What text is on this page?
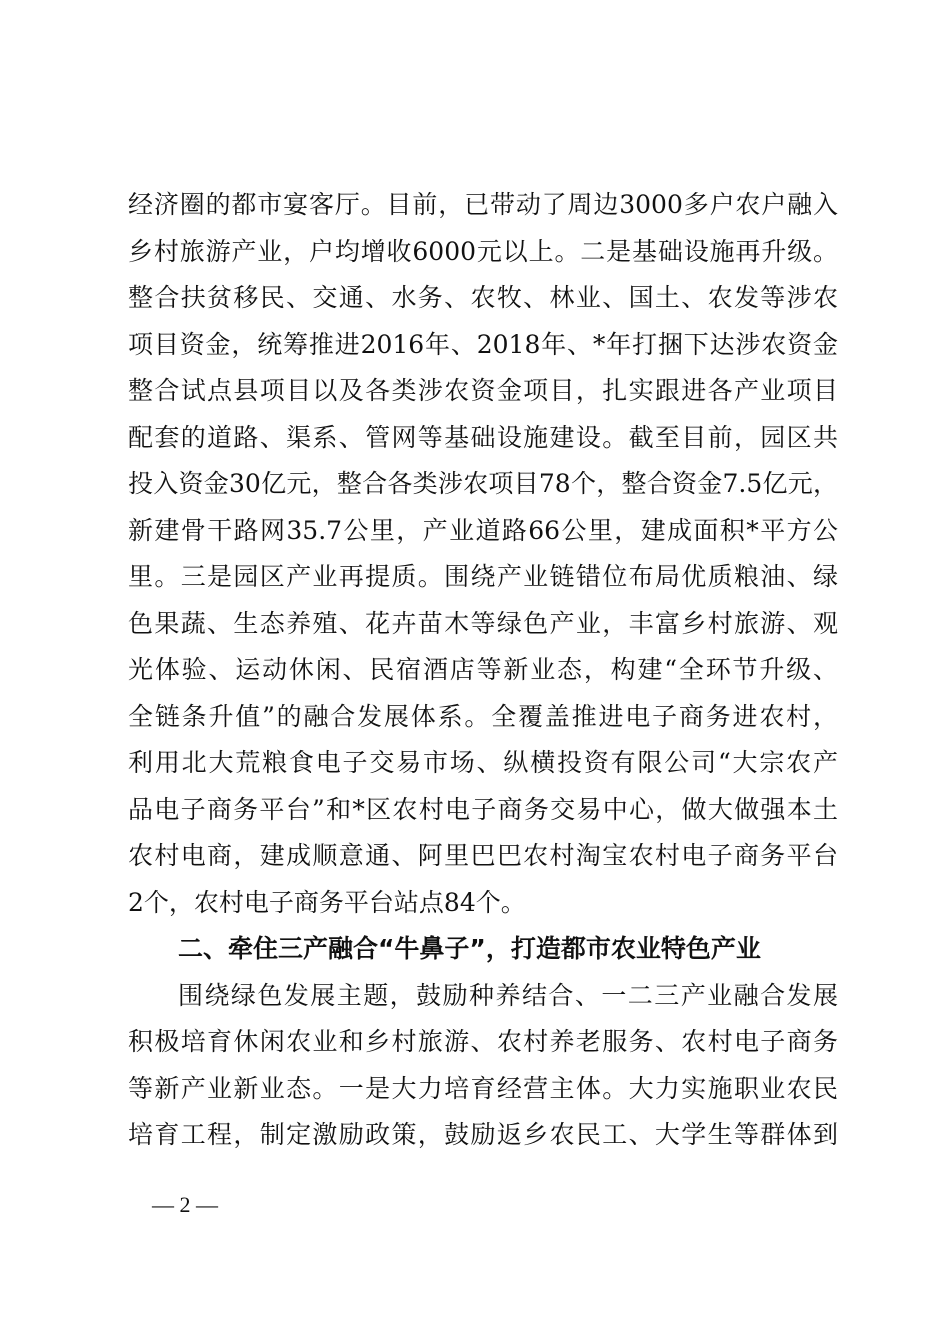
经济圈的都市宴客厅。目前，已带动了周边3000多户农户融入
乡村旅游产业，户均增收6000元以上。二是基础设施再升级。
整合扶贫移民、交通、水务、农牧、林业、国土、农发等涉农
项目资金，统筹推进2016年、2018年、*年打捆下达涉农资金
整合试点县项目以及各类涉农资金项目，扎实跟进各产业项目
配套的道路、渠系、管网等基础设施建设。截至目前，园区共
投入资金30亿元，整合各类涉农项目78个，整合资金7.5亿元，
新建骨干路网35.7公里，产业道路66公里，建成面积*平方公
里。三是园区产业再提质。围绕产业链错位布局优质粮油、绿
色果蔬、生态养殖、花卉苗木等绿色产业，丰富乡村旅游、观
光体验、运动休闲、民宿酒店等新业态，构建“全环节升级、
全链条升值”的融合发展体系。全覆盖推进电子商务进农村，
利用北大荒粮食电子交易市场、纵横投资有限公司“大宗农产
品电子商务平台”和*区农村电子商务交易中心，做大做强本土
农村电商，建成顺意通、阿里巴巴农村淘宝农村电子商务平台
2个，农村电子商务平台站点84个。
二、牵住三产融合“牛鼻子”，打造都市农业特色产业
围绕绿色发展主题，鼓励种养结合、一二三产业融合发展
积极培育休闲农业和乡村旅游、农村养老服务、农村电子商务
等新产业新业态。一是大力培育经营主体。大力实施职业农民
培育工程，制定激励政策，鼓励返乡农民工、大学生等群体到
— 2 —
